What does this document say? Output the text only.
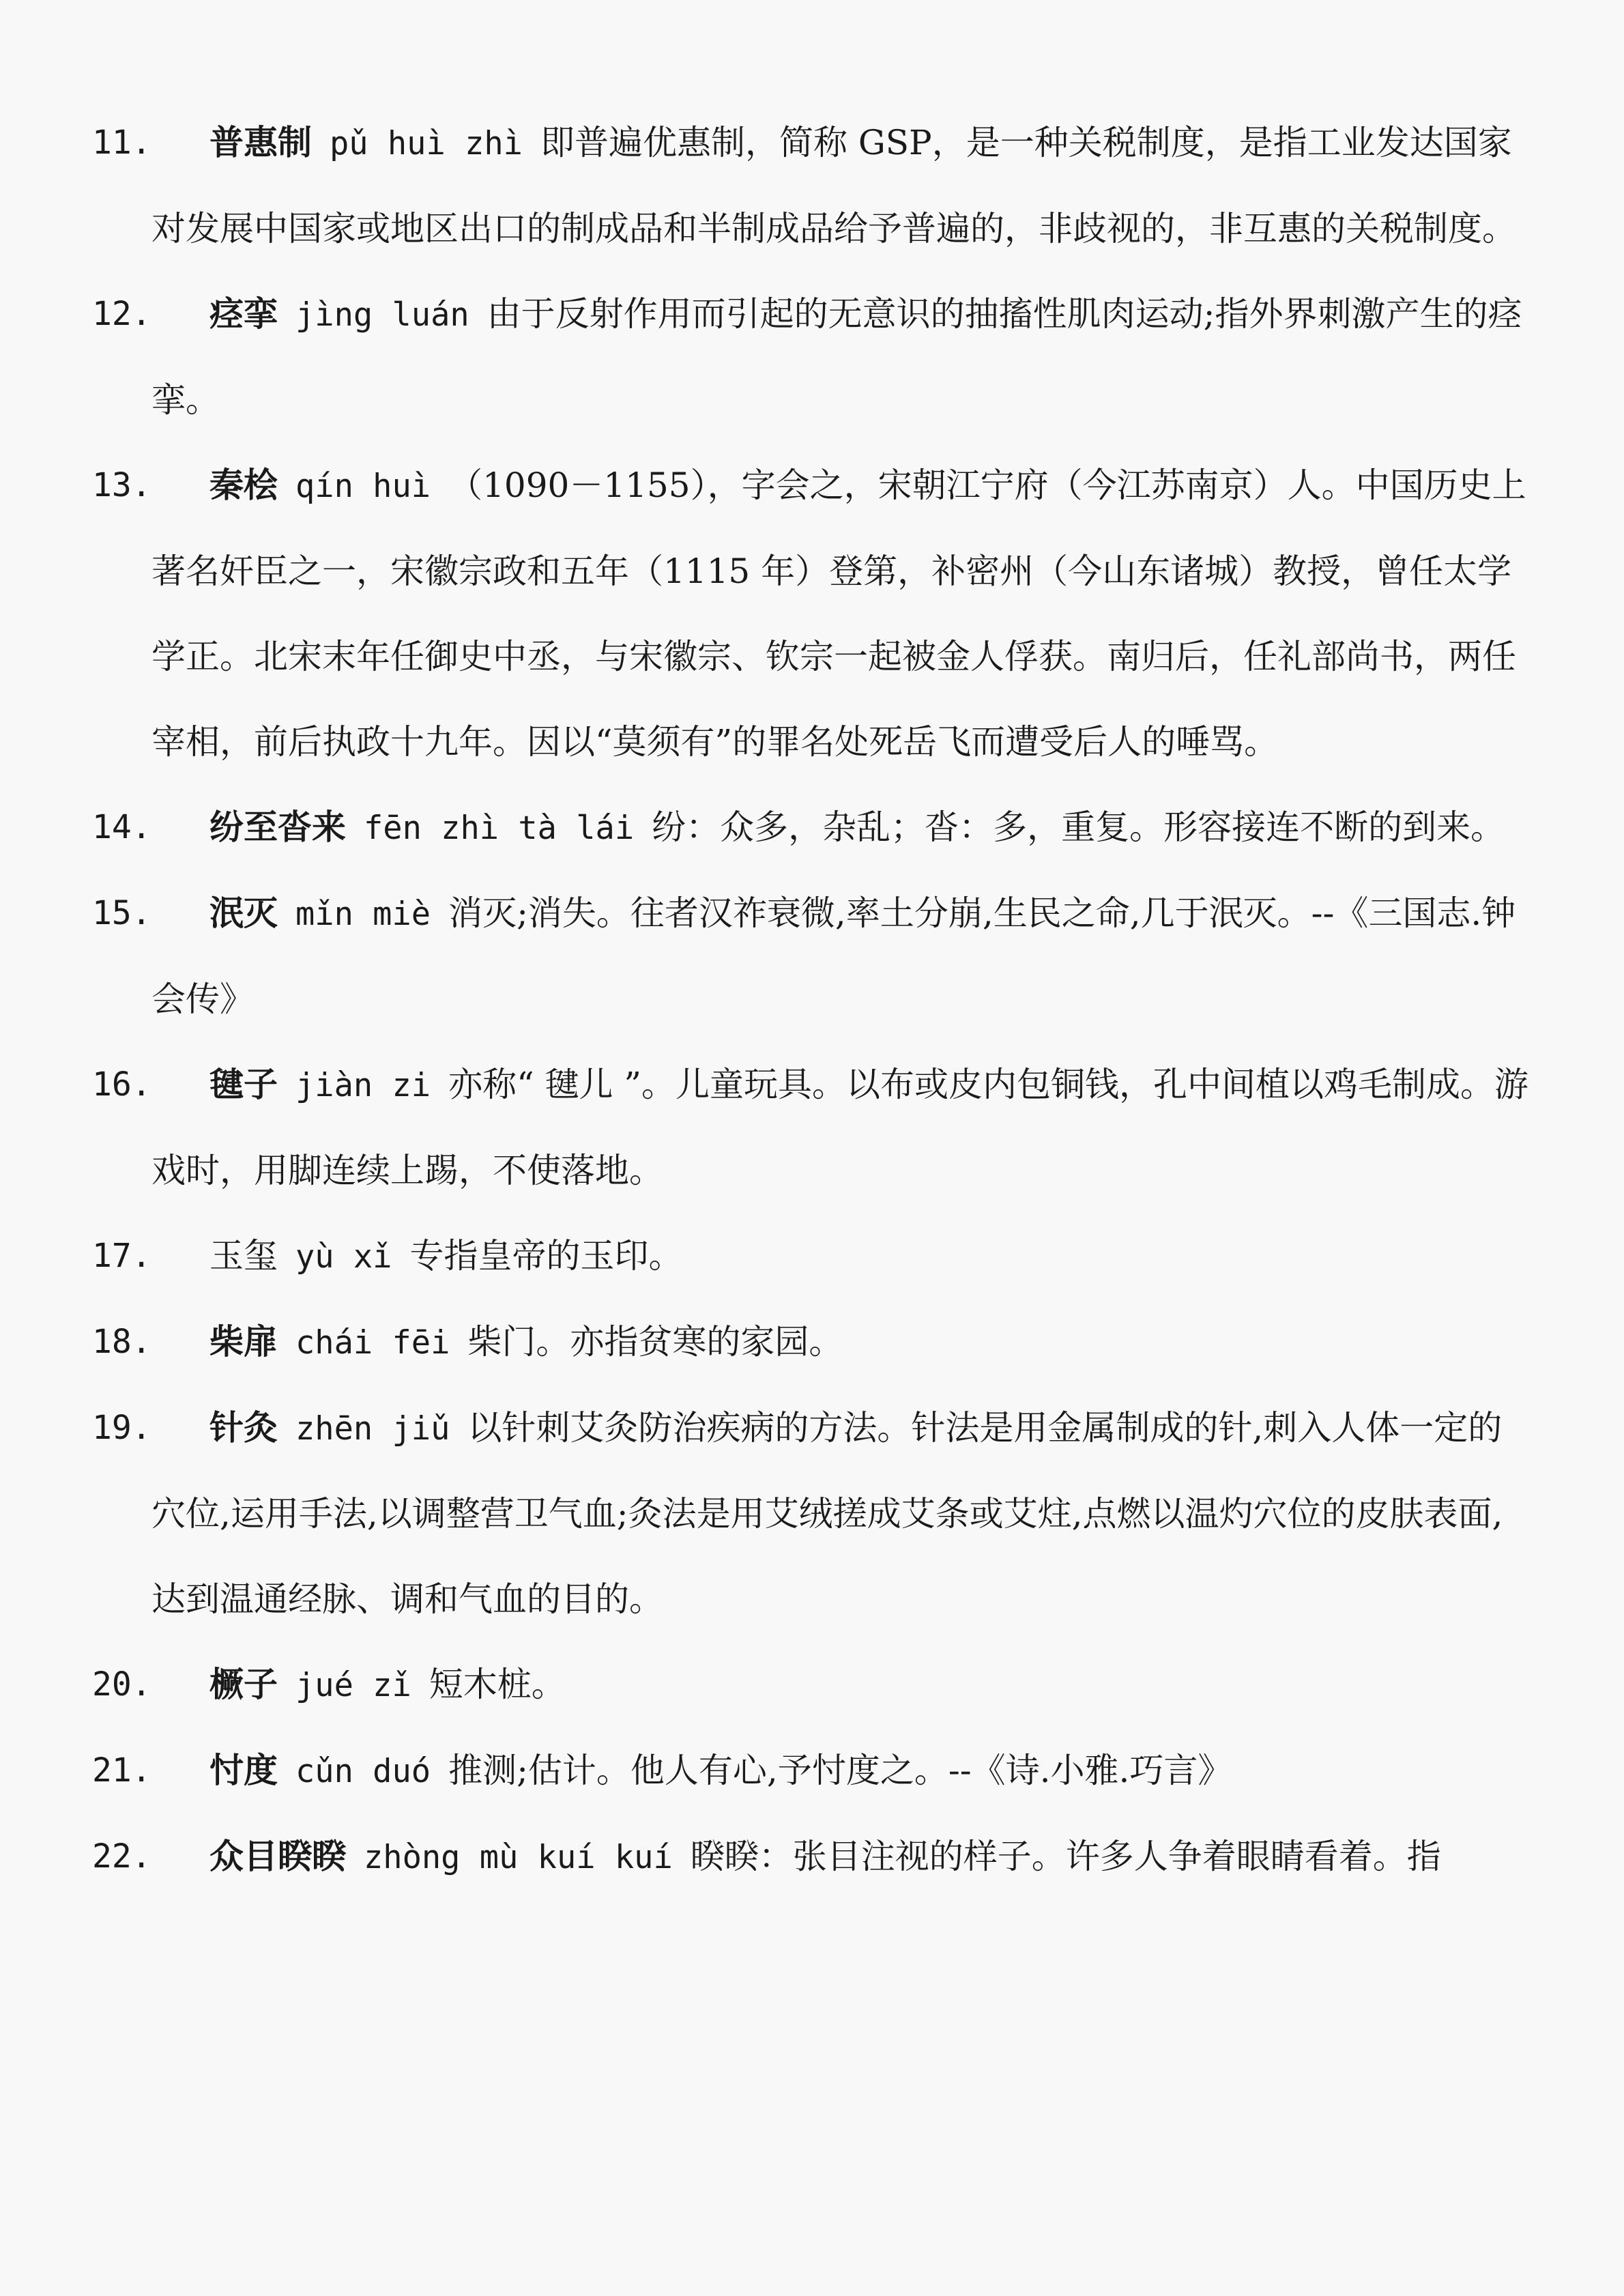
11.	普惠制 pǔ huì zhì 即普遍优惠制，简称 GSP，是一种关税制度，是指工业发达国家对发展中国家或地区出口的制成品和半制成品给予普遍的，非歧视的，非互惠的关税制度。
12.	痉挛 jìng luán 由于反射作用而引起的无意识的抽搐性肌肉运动;指外界刺激产生的痉挛。
13.	秦桧 qín huì （1090－1155），字会之，宋朝江宁府（今江苏南京）人。中国历史上著名奸臣之一，宋徽宗政和五年（1115 年）登第，补密州（今山东诸城）教授，曾任太学学正。北宋末年任御史中丞，与宋徽宗、钦宗一起被金人俘获。南归后，任礼部尚书，两任宰相，前后执政十九年。因以“莫须有”的罪名处死岳飞而遭受后人的唾骂。
14.	纷至沓来 fēn zhì tà lái 纷：众多，杂乱；沓：多，重复。形容接连不断的到来。
15.	泯灭 mǐn miè 消灭;消失。往者汉祚衰微,率土分崩,生民之命,几于泯灭。--《三国志.钟会传》
16.	毽子 jiàn zi 亦称“ 毽儿 ”。儿童玩具。以布或皮内包铜钱，孔中间植以鸡毛制成。游戏时，用脚连续上踢，不使落地。
17.	玉玺 yù xǐ 专指皇帝的玉印。
18.	柴扉 chái fēi 柴门。亦指贫寒的家园。
19.	针灸 zhēn jiǔ 以针刺艾灸防治疾病的方法。针法是用金属制成的针,刺入人体一定的穴位,运用手法,以调整营卫气血;灸法是用艾绒搓成艾条或艾炷,点燃以温灼穴位的皮肤表面,达到温通经脉、调和气血的目的。
20.	橛子 jué zǐ 短木桩。
21.	忖度 cǔn duó 推测;估计。他人有心,予忖度之。--《诗.小雅.巧言》
22.	众目睽睽 zhòng mù kuí kuí 睽睽：张目注视的样子。许多人争着眼睛看着。指
